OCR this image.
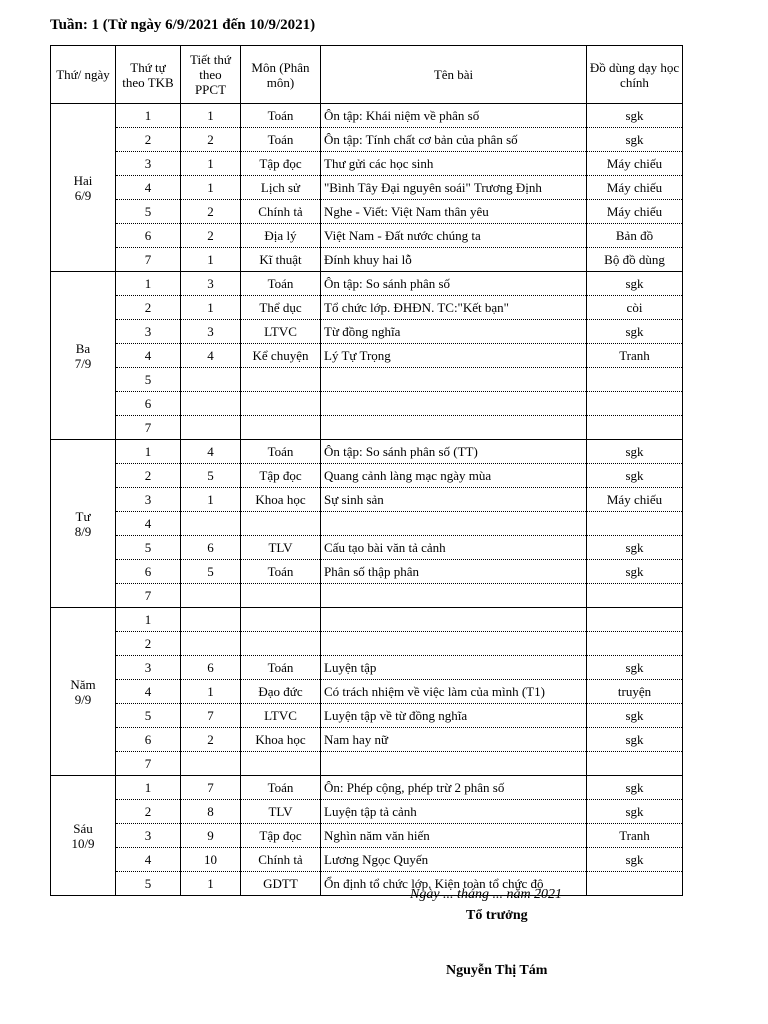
Tuần: 1 (Từ ngày 6/9/2021 đến 10/9/2021)
Thứ/ ngày	Thứ tự theo TKB	Tiết thứ theo PPCT	Môn (Phân môn)	Tên bài	Đồ dùng dạy học chính

Hai
6/9	1	1	Toán	Ôn tập: Khái niệm về phân số	sgk
	2	2	Toán	Ôn tập: Tính chất cơ bản của phân số	sgk
	3	1	Tập đọc	Thư gửi các học sinh	Máy chiếu
	4	1	Lịch sử	"Bình Tây Đại nguyên soái" Trương Định	Máy chiếu
	5	2	Chính tả	Nghe - Viết: Việt Nam thân yêu	Máy chiếu
	6	2	Địa lý	Việt Nam - Đất nước chúng ta	Bản đồ
	7	1	Kĩ thuật	Đính khuy hai lỗ	Bộ đồ dùng

Ba
7/9	1	3	Toán	Ôn tập: So sánh phân số	sgk
	2	1	Thể dục	Tổ chức lớp. ĐHĐN. TC:"Kết bạn"	còi
	3	3	LTVC	Từ đồng nghĩa	sgk
	4	4	Kể chuyện	Lý Tự Trọng	Tranh
	5				
	6				
	7				

Tư
8/9	1	4	Toán	Ôn tập: So sánh phân số (TT)	sgk
	2	5	Tập đọc	Quang cảnh làng mạc ngày mùa	sgk
	3	1	Khoa học	Sự sinh sản	Máy chiếu
	4				
	5	6	TLV	Cấu tạo bài văn tả cảnh	sgk
	6	5	Toán	Phân số thập phân	sgk
	7				

Năm
9/9	1				
	2				
	3	6	Toán	Luyện tập	sgk
	4	1	Đạo đức	Có trách nhiệm về việc làm của mình (T1)	truyện
	5	7	LTVC	Luyện tập về từ đồng nghĩa	sgk
	6	2	Khoa học	Nam hay nữ	sgk
	7				

Sáu
10/9	1	7	Toán	Ôn: Phép cộng, phép trừ 2 phân số	sgk
	2	8	TLV	Luyện tập tả cảnh	sgk
	3	9	Tập đọc	Nghìn năm văn hiến	Tranh
	4	10	Chính tả	Lương Ngọc Quyến	sgk
	5	1	GDTT	Ổn định tổ chức lớp. Kiện toàn tổ chức độ	
Ngày ... tháng ... năm 2021
Tổ trưởng
Nguyễn Thị Tám
